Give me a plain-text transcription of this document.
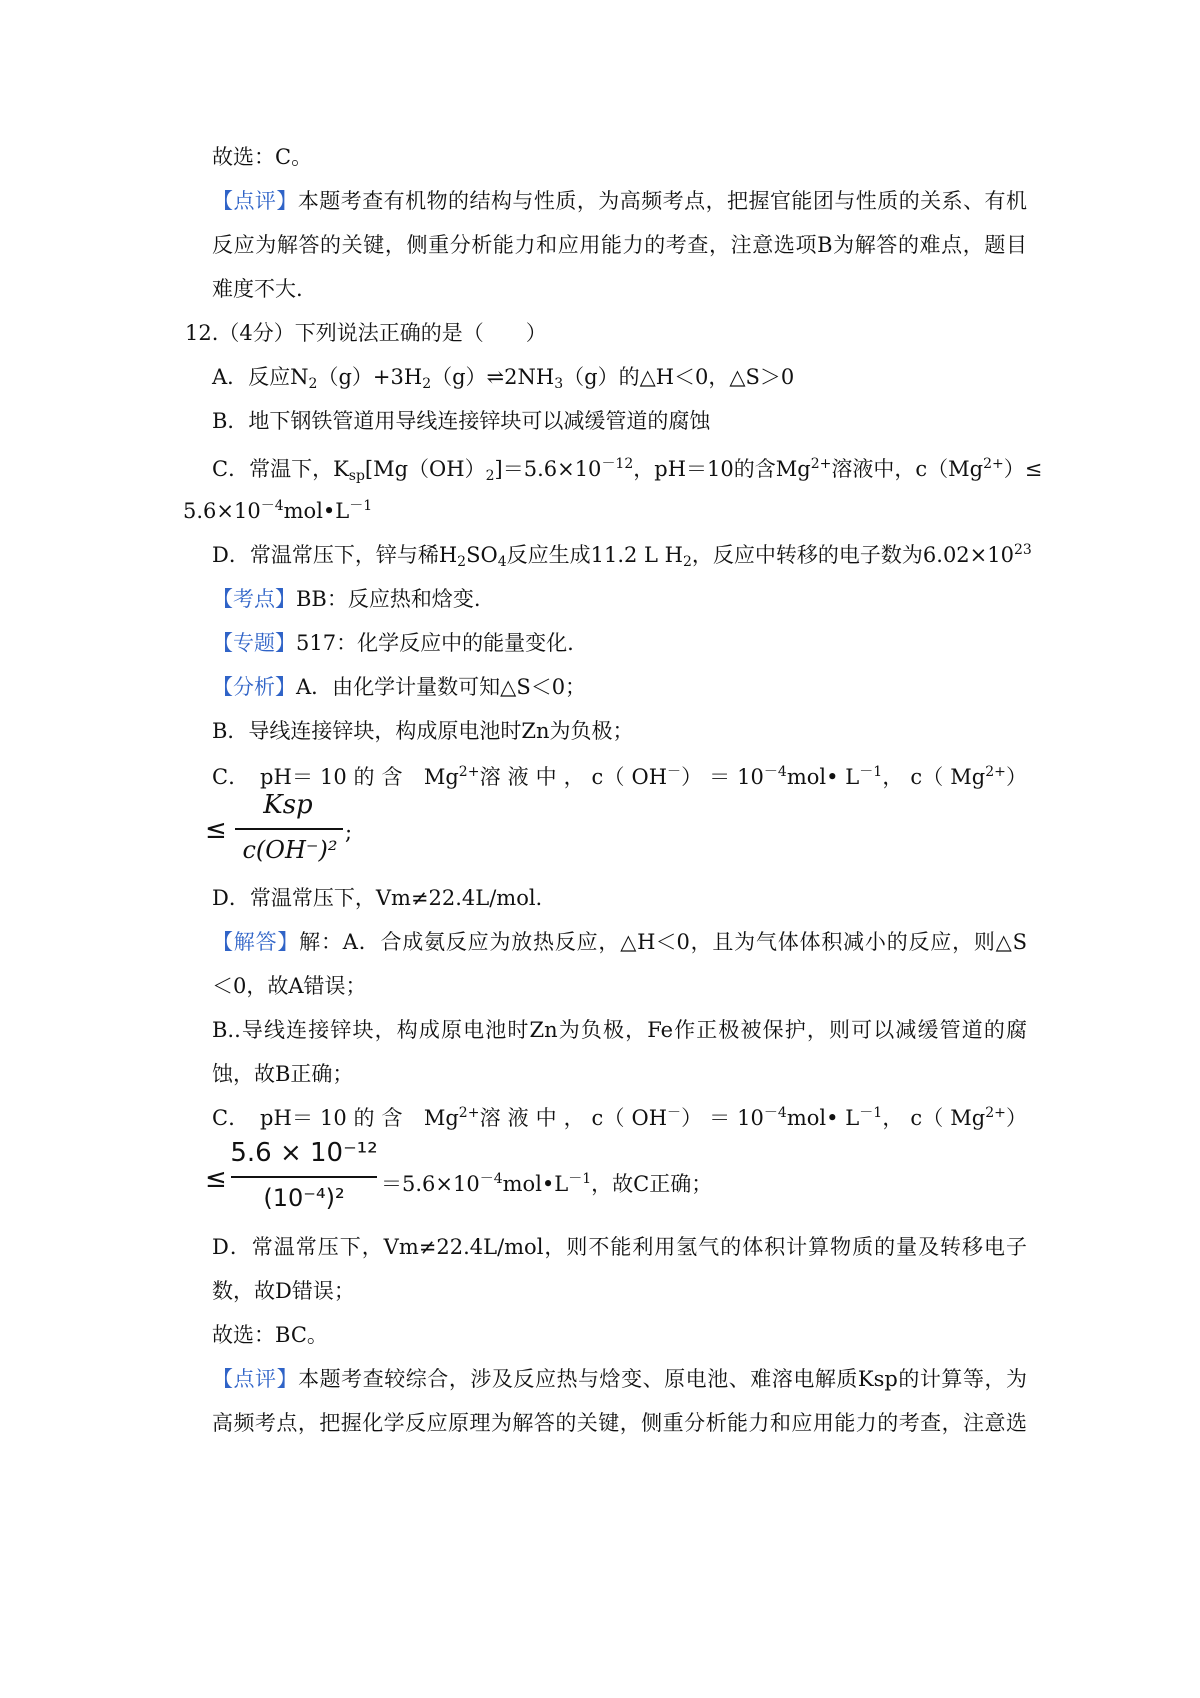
故选：C。
【点评】本题考查有机物的结构与性质，为高频考点，把握官能团与性质的关系、有机
反应为解答的关键，侧重分析能力和应用能力的考查，注意选项B为解答的难点，题目
难度不大.
12.（4分）下列说法正确的是（　　）
A．反应$N_2(g)+3H_2(g)\rightleftharpoons 2NH_3(g)$的△H＜0，△S＞0
B．地下钢铁管道用导线连接锌块可以减缓管道的腐蚀
C．常温下，$K_{sp}[Mg(OH)_2]=5.6\times 10^{-12}$，pH＝10的含$Mg^{2+}$溶液中，$c(Mg^{2+})\le$
$5.6\times 10^{-4}mol•L^{-1}$
D．常温常压下，锌与稀$H_2SO_4$反应生成11.2 L $H_2$，反应中转移的电子数为$6.02\times 10^{23}$
【考点】BB：反应热和焓变.
【专题】517：化学反应中的能量变化.
【分析】A．由化学计量数可知△S＜0；
B．导线连接锌块，构成原电池时Zn为负极；
C．　pH＝ 10 的 含　$Mg^{2+}$溶 液 中 ， c（ $OH^-) = 10^{-4}mol•$ $L^{-1}$， c（ $Mg^{2+}$）
≤
Ksp
c(OH⁻)²
;
D．常温常压下，Vm≠22.4L/mol.
【解答】解：A．合成氨反应为放热反应，△H＜0，且为气体体积减小的反应，则△S
＜0，故A错误；
B..导线连接锌块，构成原电池时Zn为负极，Fe作正极被保护，则可以减缓管道的腐
蚀，故B正确；
C．　pH＝ 10 的 含　$Mg^{2+}$溶 液 中 ， c（ $OH^-) = 10^{-4}mol•$ $L^{-1}$， c（ $Mg^{2+}$）
≤
5.6 × 10⁻¹²
(10⁻⁴)²	$=5.6\times 10^{-4}mol•L^{-1}$，故C正确；
D．常温常压下，Vm≠22.4L/mol，则不能利用氢气的体积计算物质的量及转移电子
数，故D错误；
故选：BC。
【点评】本题考查较综合，涉及反应热与焓变、原电池、难溶电解质Ksp的计算等，为
高频考点，把握化学反应原理为解答的关键，侧重分析能力和应用能力的考查，注意选
